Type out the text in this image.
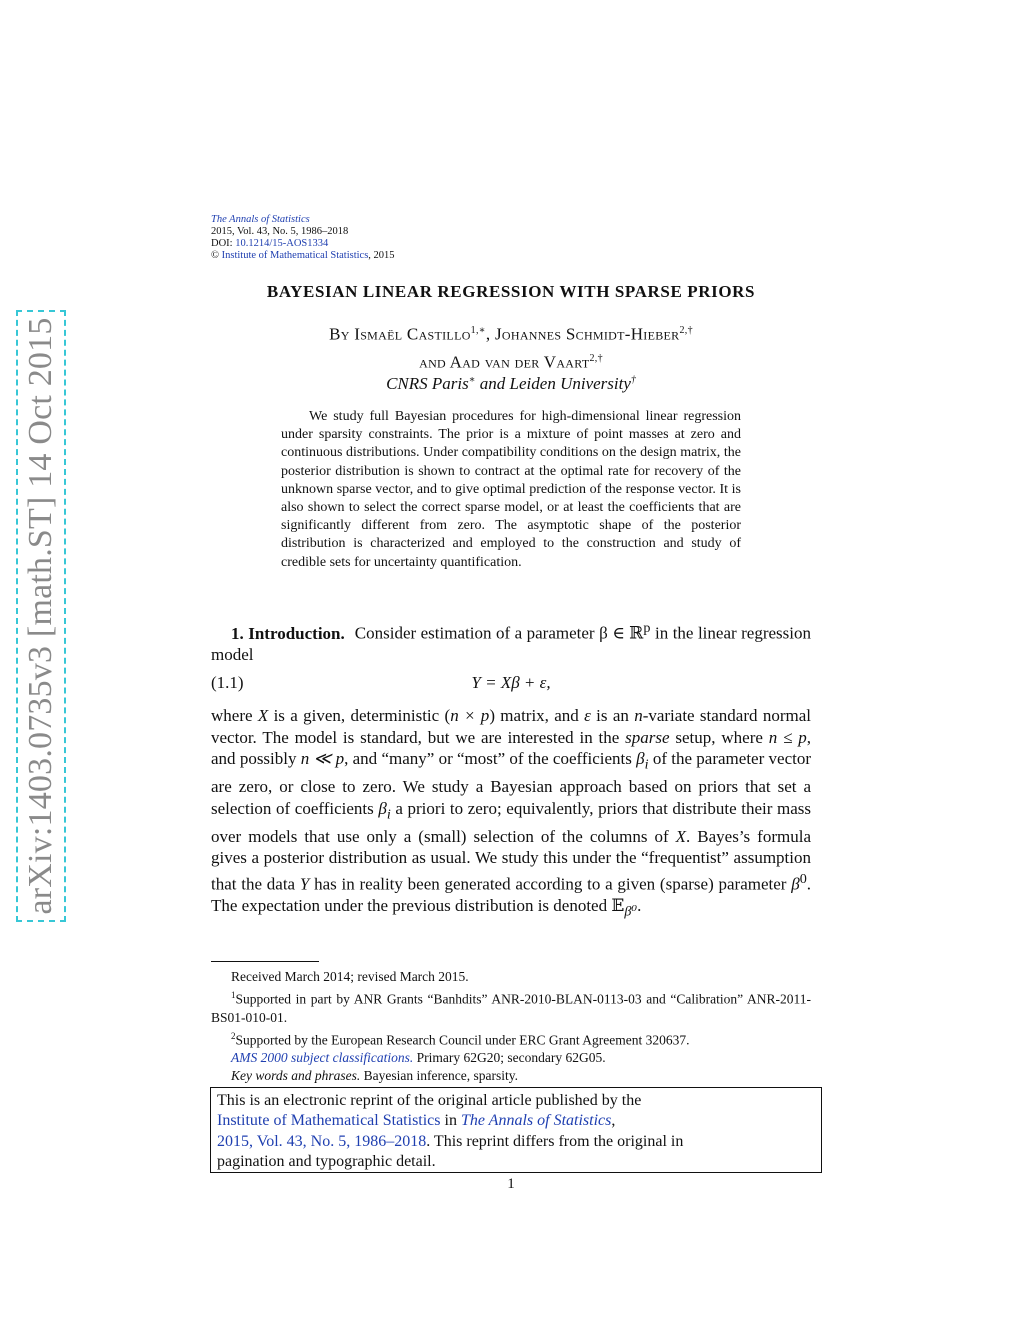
arXiv:1403.0735v3 [math.ST] 14 Oct 2015
The Annals of Statistics
2015, Vol. 43, No. 5, 1986–2018
DOI: 10.1214/15-AOS1334
© Institute of Mathematical Statistics, 2015
BAYESIAN LINEAR REGRESSION WITH SPARSE PRIORS
By Ismaël Castillo$^{1,∗}$, Johannes Schmidt-Hieber$^{2,\dagger}$
and Aad van der Vaart$^{2,\dagger}$
CNRS Paris∗ and Leiden University†
We study full Bayesian procedures for high-dimensional linear regression under sparsity constraints. The prior is a mixture of point masses at zero and continuous distributions. Under compatibility conditions on the design matrix, the posterior distribution is shown to contract at the optimal rate for recovery of the unknown sparse vector, and to give optimal prediction of the response vector. It is also shown to select the correct sparse model, or at least the coefficients that are significantly different from zero. The asymptotic shape of the posterior distribution is characterized and employed to the construction and study of credible sets for uncertainty quantification.
1. Introduction. Consider estimation of a parameter β ∈ ℝ$^p$ in the linear regression model
(1.1)	Y = Xβ + ε,
where X is a given, deterministic (n × p) matrix, and ε is an n-variate standard normal vector. The model is standard, but we are interested in the sparse setup, where n ≤ p, and possibly n ≪ p, and “many” or “most” of the coefficients $\beta_i$ of the parameter vector are zero, or close to zero. We study a Bayesian approach based on priors that set a selection of coefficients $\beta_i$ a priori to zero; equivalently, priors that distribute their mass over models that use only a (small) selection of the columns of X. Bayes’s formula gives a posterior distribution as usual. We study this under the “frequentist” assumption that the data Y has in reality been generated according to a given (sparse) parameter $\beta^0$. The expectation under the previous distribution is denoted 𝔼$_{\beta^0}$.
Received March 2014; revised March 2015.
$^1$Supported in part by ANR Grants “Banhdits” ANR-2010-BLAN-0113-03 and “Calibration” ANR-2011-BS01-010-01.
$^2$Supported by the European Research Council under ERC Grant Agreement 320637.
AMS 2000 subject classifications. Primary 62G20; secondary 62G05.
Key words and phrases. Bayesian inference, sparsity.
This is an electronic reprint of the original article published by the
Institute of Mathematical Statistics in The Annals of Statistics,
2015, Vol. 43, No. 5, 1986–2018. This reprint differs from the original in
pagination and typographic detail.
1
